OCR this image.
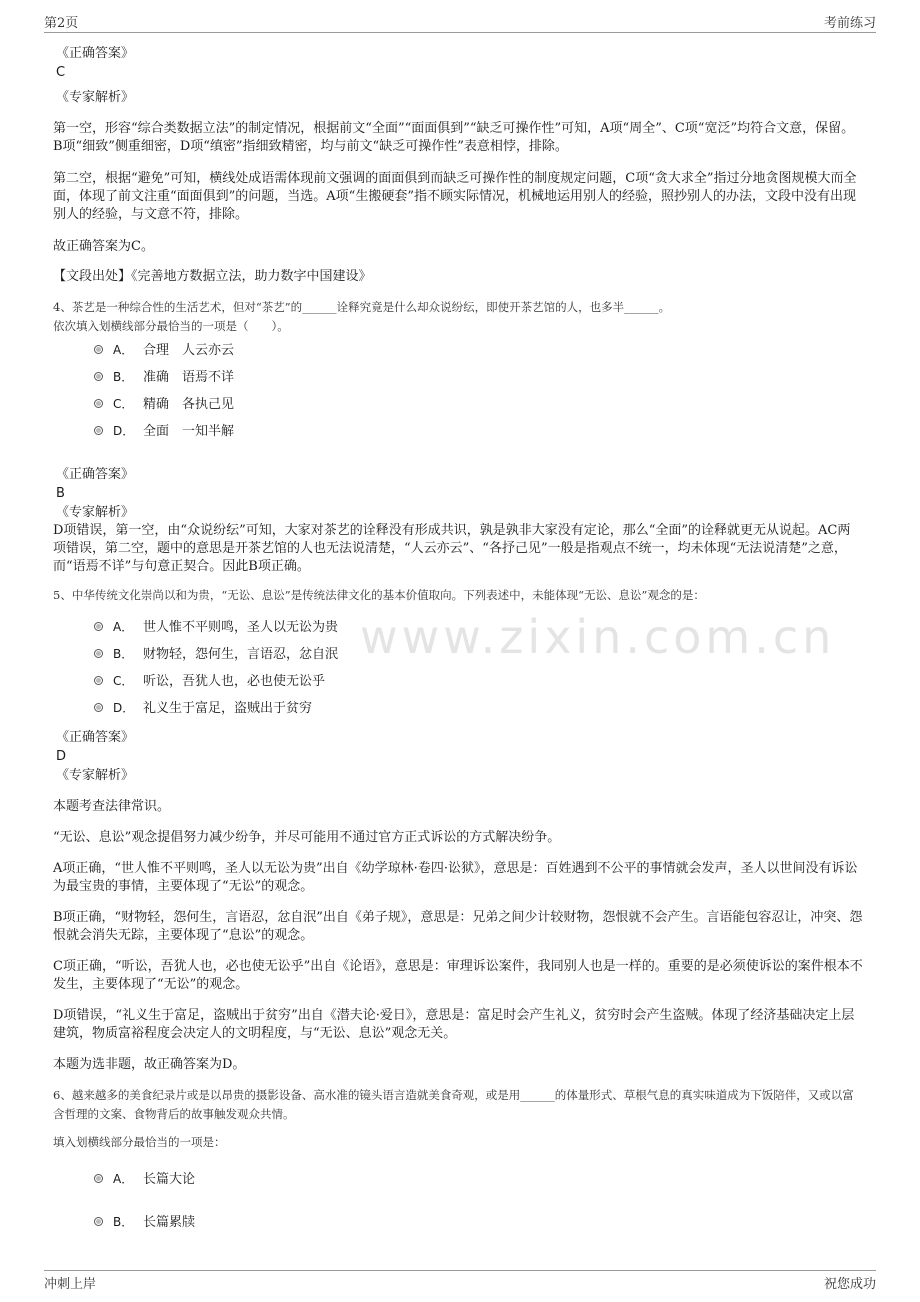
第2页	考前练习
www.zixin.com.cn
《正确答案》
C
《专家解析》
第一空，形容“综合类数据立法”的制定情况，根据前文“全面”“面面俱到”“缺乏可操作性”可知，A项“周全”、C项“宽泛”均符合文意，保留。B项“细致”侧重细密，D项“缜密”指细致精密，均与前文“缺乏可操作性”表意相悖，排除。
第二空，根据“避免”可知，横线处成语需体现前文强调的面面俱到而缺乏可操作性的制度规定问题，C项“贪大求全”指过分地贪图规模大而全面，体现了前文注重“面面俱到”的问题，当选。A项“生搬硬套”指不顾实际情况，机械地运用别人的经验，照抄别人的办法，文段中没有出现别人的经验，与文意不符，排除。
故正确答案为C。
【文段出处】《完善地方数据立法，助力数字中国建设》
4、茶艺是一种综合性的生活艺术，但对“茶艺”的______诠释究竟是什么却众说纷纭，即使开茶艺馆的人，也多半______。
依次填入划横线部分最恰当的一项是（　　）。
A． 合理　人云亦云
B． 准确　语焉不详
C． 精确　各执己见
D． 全面　一知半解
《正确答案》
B
《专家解析》
D项错误，第一空，由“众说纷纭”可知，大家对茶艺的诠释没有形成共识，孰是孰非大家没有定论，那么“全面”的诠释就更无从说起。AC两项错误，第二空，题中的意思是开茶艺馆的人也无法说清楚，“人云亦云”、“各抒己见”一般是指观点不统一，均未体现“无法说清楚”之意，而“语焉不详”与句意正契合。因此B项正确。
5、中华传统文化崇尚以和为贵，“无讼、息讼”是传统法律文化的基本价值取向。下列表述中，未能体现“无讼、息讼”观念的是：
A． 世人惟不平则鸣，圣人以无讼为贵
B． 财物轻，怨何生，言语忍，忿自泯
C． 听讼，吾犹人也，必也使无讼乎
D． 礼义生于富足，盗贼出于贫穷
《正确答案》
D
《专家解析》
本题考查法律常识。
“无讼、息讼”观念提倡努力减少纷争，并尽可能用不通过官方正式诉讼的方式解决纷争。
A项正确，“世人惟不平则鸣，圣人以无讼为贵”出自《幼学琼林·卷四·讼狱》，意思是：百姓遇到不公平的事情就会发声，圣人以世间没有诉讼为最宝贵的事情，主要体现了“无讼”的观念。
B项正确，“财物轻，怨何生，言语忍，忿自泯”出自《弟子规》，意思是：兄弟之间少计较财物，怨恨就不会产生。言语能包容忍让，冲突、怨恨就会消失无踪，主要体现了“息讼”的观念。
C项正确，“听讼，吾犹人也，必也使无讼乎”出自《论语》，意思是：审理诉讼案件，我同别人也是一样的。重要的是必须使诉讼的案件根本不发生，主要体现了“无讼”的观念。
D项错误，“礼义生于富足，盗贼出于贫穷”出自《潜夫论·爱日》，意思是：富足时会产生礼义，贫穷时会产生盗贼。体现了经济基础决定上层建筑，物质富裕程度会决定人的文明程度，与“无讼、息讼”观念无关。
本题为选非题，故正确答案为D。
6、越来越多的美食纪录片或是以昂贵的摄影设备、高水准的镜头语言造就美食奇观，或是用______的体量形式、草根气息的真实味道成为下饭陪伴，又或以富含哲理的文案、食物背后的故事触发观众共情。
填入划横线部分最恰当的一项是：
A． 长篇大论
B． 长篇累牍
冲刺上岸	祝您成功
